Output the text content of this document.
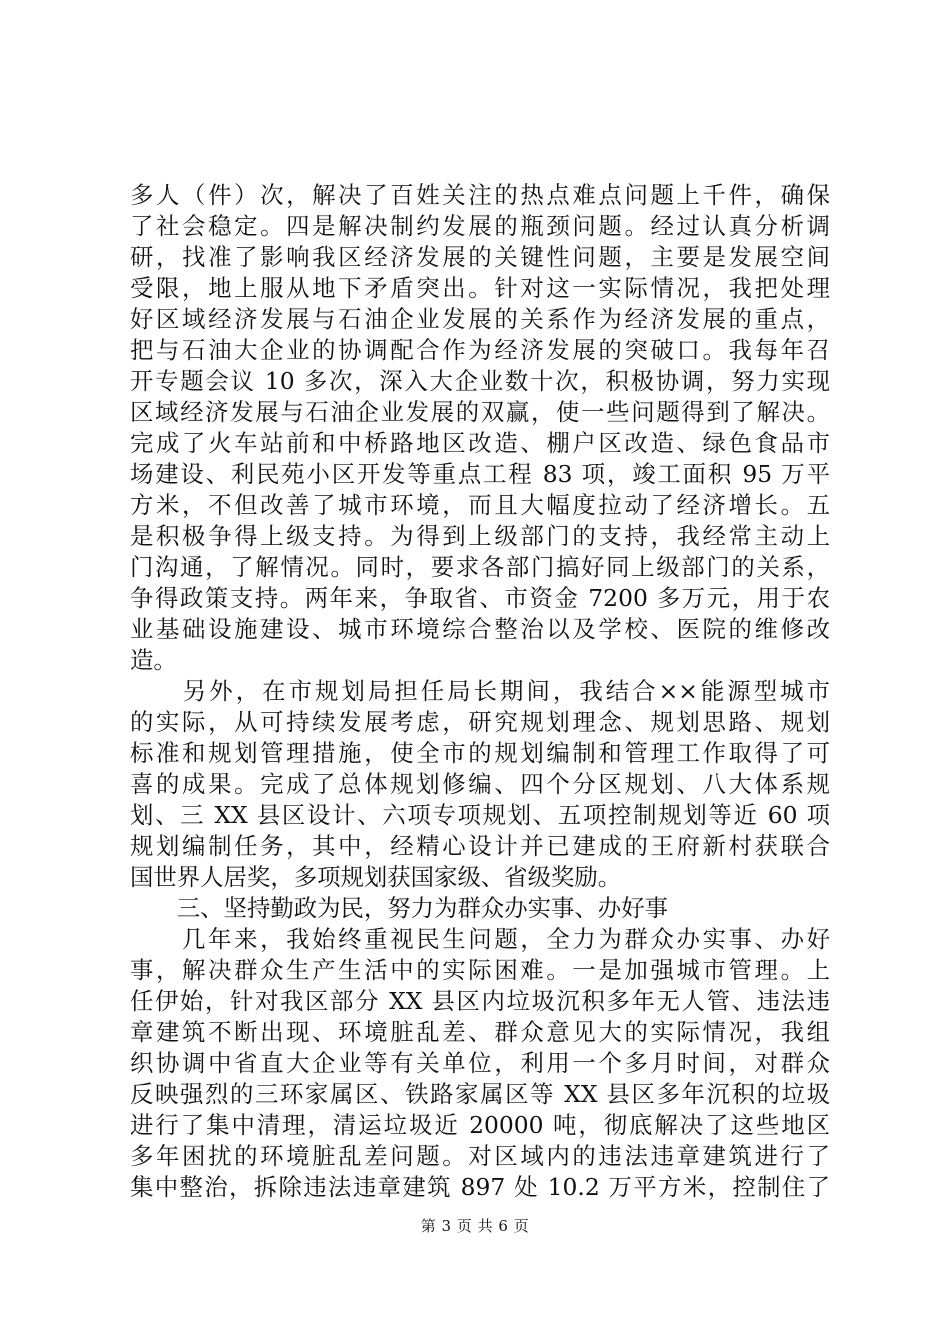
多人（件）次，解决了百姓关注的热点难点问题上千件，确保
了社会稳定。四是解决制约发展的瓶颈问题。经过认真分析调
研，找准了影响我区经济发展的关键性问题，主要是发展空间
受限，地上服从地下矛盾突出。针对这一实际情况，我把处理
好区域经济发展与石油企业发展的关系作为经济发展的重点，
把与石油大企业的协调配合作为经济发展的突破口。我每年召
开专题会议 10 多次，深入大企业数十次，积极协调，努力实现
区域经济发展与石油企业发展的双赢，使一些问题得到了解决。
完成了火车站前和中桥路地区改造、棚户区改造、绿色食品市
场建设、利民苑小区开发等重点工程 83 项，竣工面积 95 万平
方米，不但改善了城市环境，而且大幅度拉动了经济增长。五
是积极争得上级支持。为得到上级部门的支持，我经常主动上
门沟通，了解情况。同时，要求各部门搞好同上级部门的关系，
争得政策支持。两年来，争取省、市资金 7200 多万元，用于农
业基础设施建设、城市环境综合整治以及学校、医院的维修改
造。
　　另外，在市规划局担任局长期间，我结合××能源型城市
的实际，从可持续发展考虑，研究规划理念、规划思路、规划
标准和规划管理措施，使全市的规划编制和管理工作取得了可
喜的成果。完成了总体规划修编、四个分区规划、八大体系规
划、三 XX 县区设计、六项专项规划、五项控制规划等近 60 项
规划编制任务，其中，经精心设计并已建成的王府新村获联合
国世界人居奖，多项规划获国家级、省级奖励。
　　三、坚持勤政为民，努力为群众办实事、办好事
　　几年来，我始终重视民生问题，全力为群众办实事、办好
事，解决群众生产生活中的实际困难。一是加强城市管理。上
任伊始，针对我区部分 XX 县区内垃圾沉积多年无人管、违法违
章建筑不断出现、环境脏乱差、群众意见大的实际情况，我组
织协调中省直大企业等有关单位，利用一个多月时间，对群众
反映强烈的三环家属区、铁路家属区等 XX 县区多年沉积的垃圾
进行了集中清理，清运垃圾近 20000 吨，彻底解决了这些地区
多年困扰的环境脏乱差问题。对区域内的违法违章建筑进行了
集中整治，拆除违法违章建筑 897 处 10.2 万平方米，控制住了
第 3 页 共 6 页
